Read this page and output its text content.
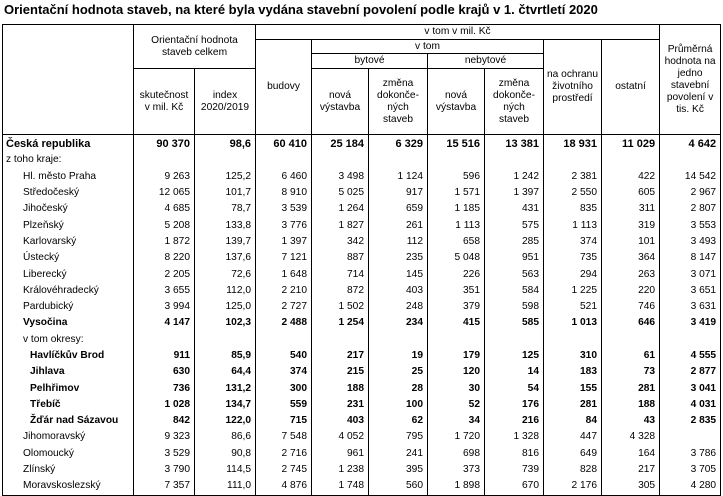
Orientační hodnota staveb, na které byla vydána stavební povolení podle krajů v 1. čtvrtletí 2020
	Orientační hodnota staveb celkem		v tom v mil. Kč							Průměrná hodnota na jedno stavební povolení v tis. Kč
			budovy	v tom				na ochranu životního prostředí	ostatní	
				bytové		nebytové				
	skutečnost v mil. Kč	index 2020/2019		nová výstavba	změna dokonče-ných staveb	nová výstavba	změna dokonče-ných staveb			
Česká republika	90 370	98,6	60 410	25 184	6 329	15 516	13 381	18 931	11 029	4 642
z toho kraje:										
Hl. město Praha	9 263	125,2	6 460	3 498	1 124	596	1 242	2 381	422	14 542
Středočeský	12 065	101,7	8 910	5 025	917	1 571	1 397	2 550	605	2 967
Jihočeský	4 685	78,7	3 539	1 264	659	1 185	431	835	311	2 807
Plzeňský	5 208	133,8	3 776	1 827	261	1 113	575	1 113	319	3 553
Karlovarský	1 872	139,7	1 397	342	112	658	285	374	101	3 493
Ústecký	8 220	137,6	7 121	887	235	5 048	951	735	364	8 147
Liberecký	2 205	72,6	1 648	714	145	226	563	294	263	3 071
Královéhradecký	3 655	112,0	2 210	872	403	351	584	1 225	220	3 651
Pardubický	3 994	125,0	2 727	1 502	248	379	598	521	746	3 631
Vysočina	4 147	102,3	2 488	1 254	234	415	585	1 013	646	3 419
v tom okresy:										
Havlíčkův Brod	911	85,9	540	217	19	179	125	310	61	4 555
Jihlava	630	64,4	374	215	25	120	14	183	73	2 877
Pelhřimov	736	131,2	300	188	28	30	54	155	281	3 041
Třebíč	1 028	134,7	559	231	100	52	176	281	188	4 031
Žďár nad Sázavou	842	122,0	715	403	62	34	216	84	43	2 835
Jihomoravský	9 323	86,6	7 548	4 052	795	1 720	1 328	447	4 328	
Olomoucký	3 529	90,8	2 716	961	241	698	816	649	164	3 786
Zlínský	3 790	114,5	2 745	1 238	395	373	739	828	217	3 705
Moravskoslezský	7 357	111,0	4 876	1 748	560	1 898	670	2 176	305	4 280
